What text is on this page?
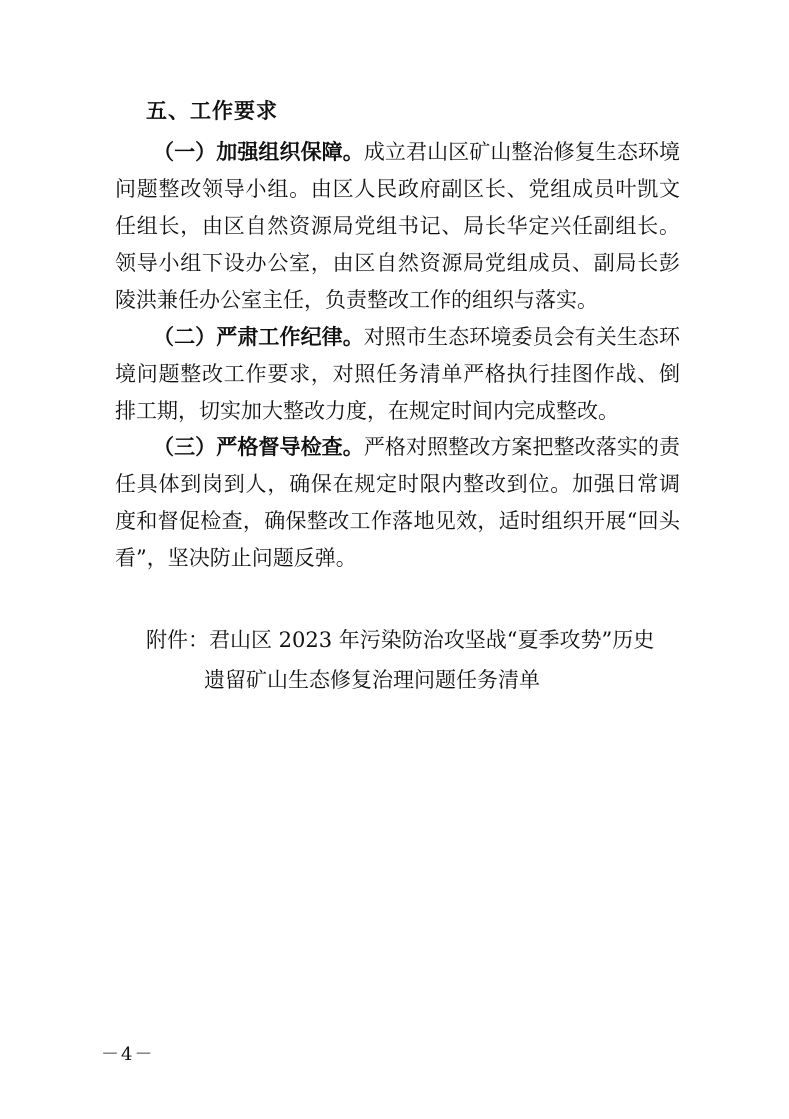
五、工作要求

（一）加强组织保障。成立君山区矿山整治修复生态环境问题整改领导小组。由区人民政府副区长、党组成员叶凯文任组长，由区自然资源局党组书记、局长华定兴任副组长。领导小组下设办公室，由区自然资源局党组成员、副局长彭陵洪兼任办公室主任，负责整改工作的组织与落实。

（二）严肃工作纪律。对照市生态环境委员会有关生态环境问题整改工作要求，对照任务清单严格执行挂图作战、倒排工期，切实加大整改力度，在规定时间内完成整改。

（三）严格督导检查。严格对照整改方案把整改落实的责任具体到岗到人，确保在规定时限内整改到位。加强日常调度和督促检查，确保整改工作落地见效，适时组织开展“回头看”，坚决防止问题反弹。

附件：君山区 2023 年污染防治攻坚战“夏季攻势”历史
遗留矿山生态修复治理问题任务清单
－4－
